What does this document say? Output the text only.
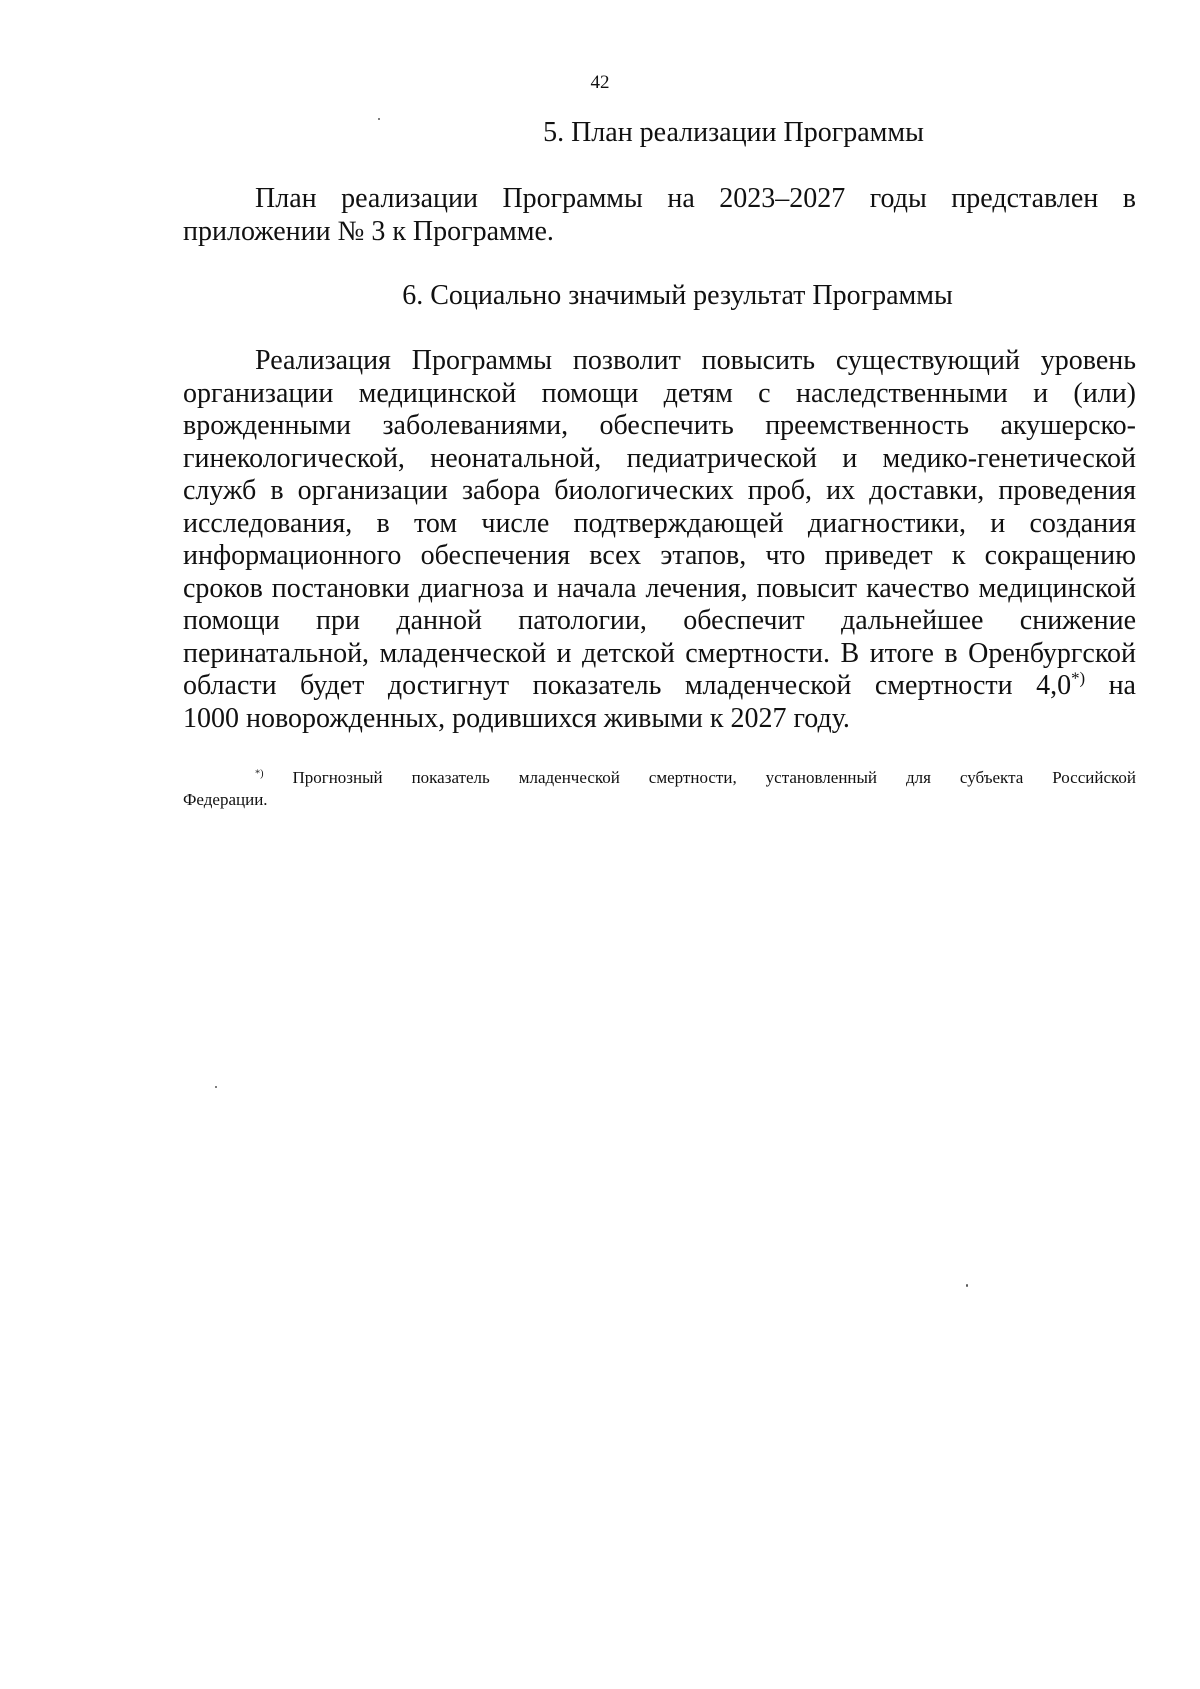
42
5. План реализации Программы
План реализации Программы на 2023–2027 годы представлен в
приложении № 3 к Программе.
6. Социально значимый результат Программы
Реализация Программы позволит повысить существующий уровень
организации медицинской помощи детям с наследственными и (или)
врожденными заболеваниями, обеспечить преемственность акушерско-
гинекологической, неонатальной, педиатрической и медико-генетической
служб в организации забора биологических проб, их доставки, проведения
исследования, в том числе подтверждающей диагностики, и создания
информационного обеспечения всех этапов, что приведет к сокращению
сроков постановки диагноза и начала лечения, повысит качество медицинской
помощи при данной патологии, обеспечит дальнейшее снижение
перинатальной, младенческой и детской смертности. В итоге в Оренбургской
области будет достигнут показатель младенческой смертности 4,0*) на
1000 новорожденных, родившихся живыми к 2027 году.
*) Прогнозный показатель младенческой смертности, установленный для субъекта Российской
Федерации.
